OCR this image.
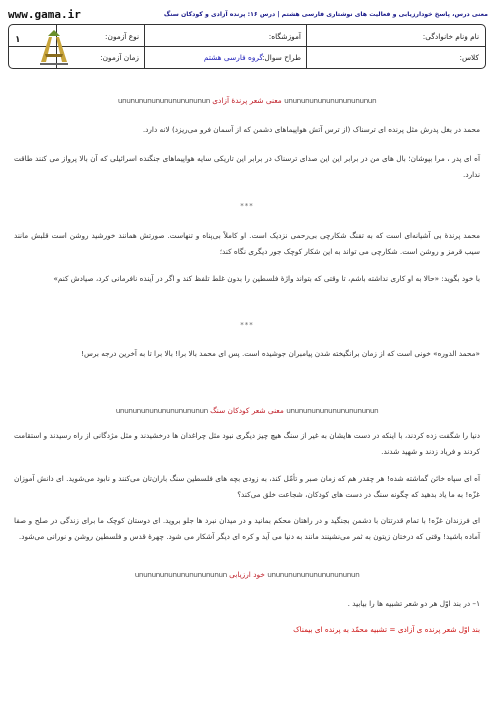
معنی درس، پاسخ خودارزیابی و فعالیت های نوشتاری فارسی هشتم | درس ۱۶: پرنده آزادی و کودکان سنگ
www.gama.ir
نام ونام خانوادگی:
آموزشگاه:
نوع آزمون:
کلاس:
طراح سوال:
گروه فارسی هشتم
زمان آزمون:
۱
ununununununununununun معنی شعر پرندۀ آزادی ununununununununununun

محمد در بغل پدرش مثل پرنده ای ترسناک (از ترس آتش هواپیماهای دشمن که از آسمان فرو می‌ریزد) لانه دارد.

آه ای پدر ، مرا بپوشان؛ بال های من در برابر این این صدای ترسناک در برابر این تاریکی سایه هواپیماهای جنگنده اسرائیلی که آن بالا پرواز می کنند طاقت ندارد.

***

محمد پرندۀ بی آشیانه‌ای است که به تفنگ شکارچی بی‌رحمی نزدیک است. او کاملاً بی‌پناه و تنهاست. صورتش همانند خورشید روشن است قلبش مانند سیب قرمز و روشن است. شکارچی می تواند به این شکار کوچک جور دیگری نگاه کند؛

با خود بگوید: «حالا به او کاری نداشته باشم، تا وقتی که بتواند واژۀ فلسطین را بدون غلط تلفظ کند و اگر در آینده نافرمانی کرد، صیادش کنم»

***

«محمد الدوره» خونی است که از زمان برانگیخته شدن پیامبران جوشیده است. پس ای محمد بالا برا! بالا برا تا به آخرین درجه برس!

ununununununununununun معنی شعر کودکان سنگ ununununununununununun

دنیا را شگفت زده کردند، با اینکه در دست هایشان به غیر از سنگ هیچ چیز دیگری نبود مثل چراغدان ها درخشیدند و مثل مژدگانی از راه رسیدند و استقامت کردند و فریاد زدند و شهید شدند.

آه ای سپاه خائن گماشته شده! هر چقدر هم که زمان صبر و تأمّل کند، به زودی بچه های فلسطین سنگ باران‌تان می‌کنند و نابود می‌شوید. ای دانش آموزان غزّه! به ما یاد بدهید که چگونه سنگ در دست های کودکان، شجاعت خلق می‌کند؟

ای فرزندان غزّه! با تمام قدرتتان با دشمن بجنگید و در راهتان محکم بمانید و در میدان نبرد ها جلو بروید. ای دوستان کوچک ما برای زندگی در صلح و صفا آماده باشید! وقتی که درختان زیتون به ثمر می‌نشینند مانند به دنیا می آید و کره ای دیگر آشکار می شود. چهرۀ قدس و فلسطین روشن و نورانی می‌شود.

ununununununununununun خود ارزیابی ununununununununununun

۱– در بند اوّل هر دو شعر تشبیه ها را بیابید .

بند اوّل شعر پرنده ی آزادی = تشبیه محمّد به پرنده ای بیمناک
